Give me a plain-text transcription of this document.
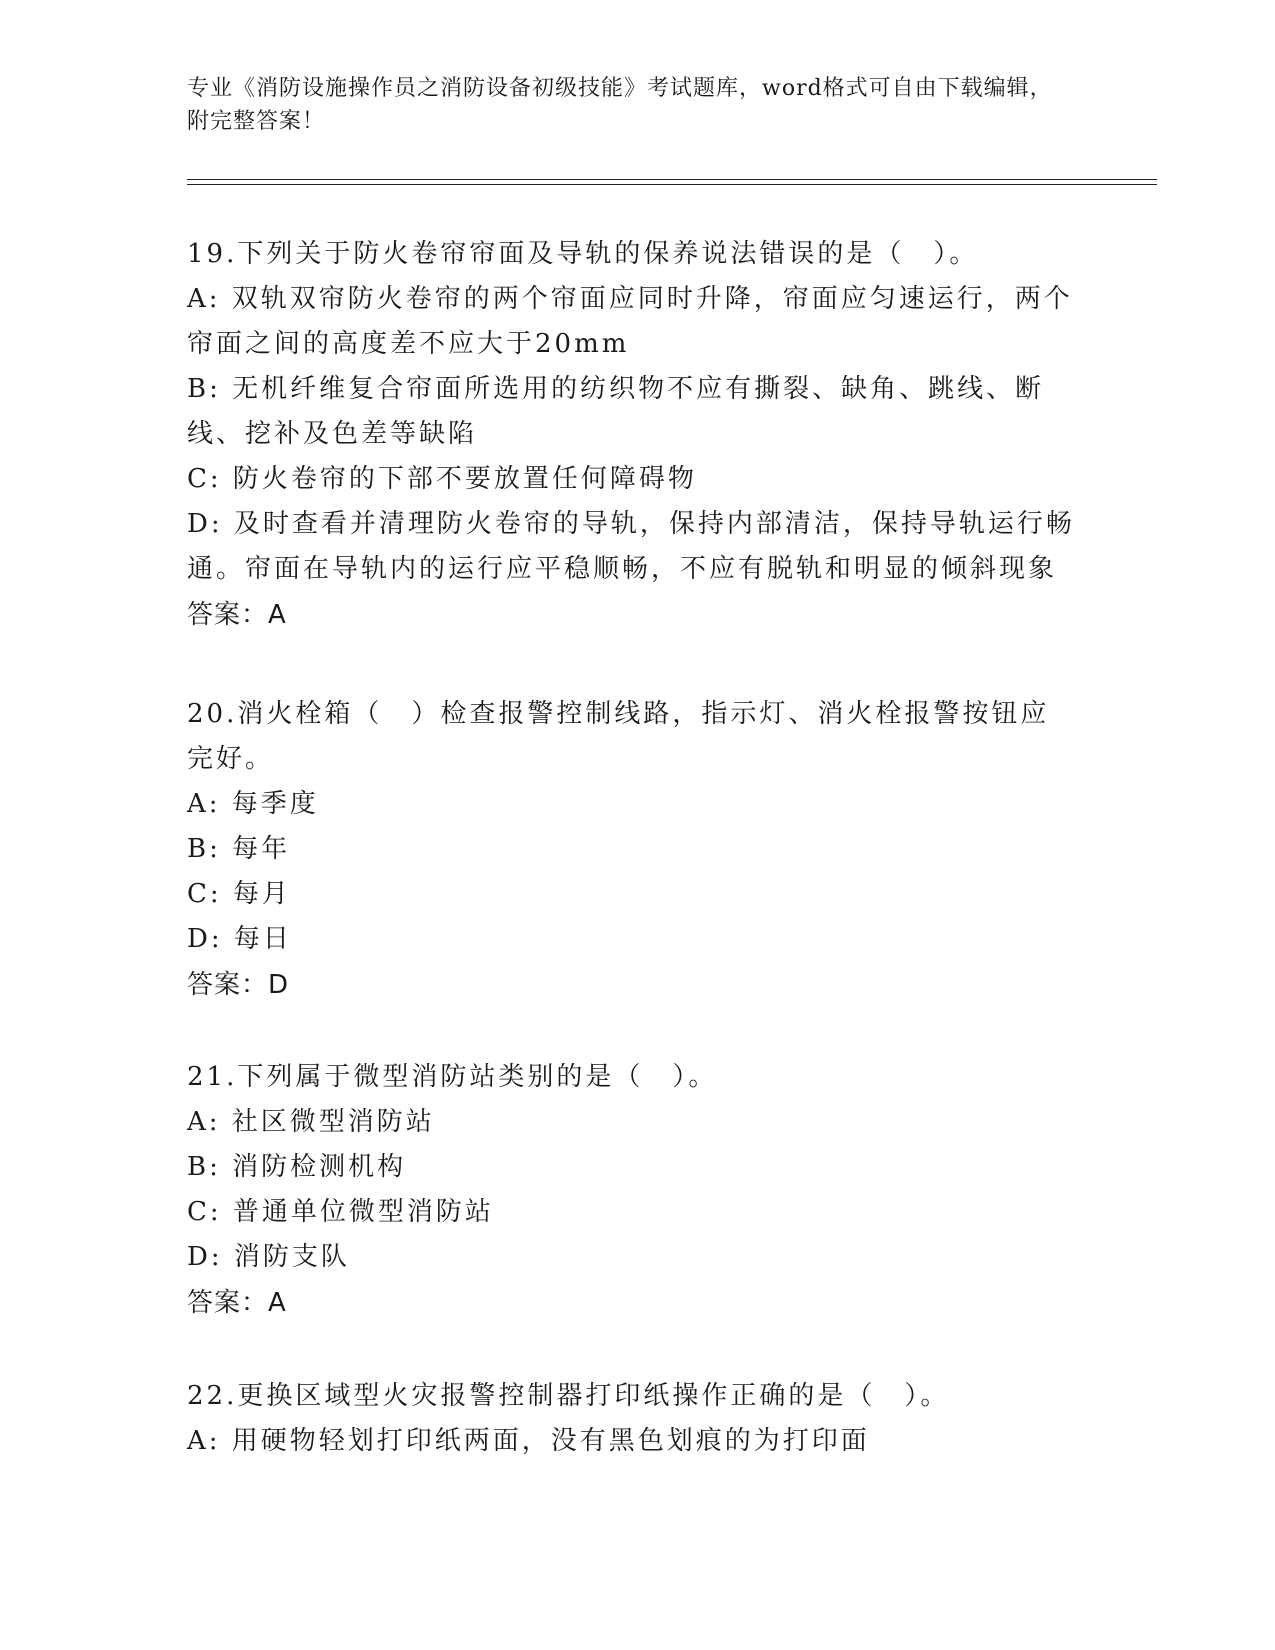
专业《消防设施操作员之消防设备初级技能》考试题库，word格式可自由下载编辑，附完整答案！

19.下列关于防火卷帘帘面及导轨的保养说法错误的是（　）。

A: 双轨双帘防火卷帘的两个帘面应同时升降，帘面应匀速运行，两个帘面之间的高度差不应大于20mm

B: 无机纤维复合帘面所选用的纺织物不应有撕裂、缺角、跳线、断线、挖补及色差等缺陷

C: 防火卷帘的下部不要放置任何障碍物

D: 及时查看并清理防火卷帘的导轨，保持内部清洁，保持导轨运行畅通。帘面在导轨内的运行应平稳顺畅，不应有脱轨和明显的倾斜现象

答案：A

20.消火栓箱（　）检查报警控制线路，指示灯、消火栓报警按钮应完好。

A: 每季度

B: 每年

C: 每月

D: 每日

答案：D

21.下列属于微型消防站类别的是（　）。

A: 社区微型消防站

B: 消防检测机构

C: 普通单位微型消防站

D: 消防支队

答案：A

22.更换区域型火灾报警控制器打印纸操作正确的是（　）。

A: 用硬物轻划打印纸两面，没有黑色划痕的为打印面
